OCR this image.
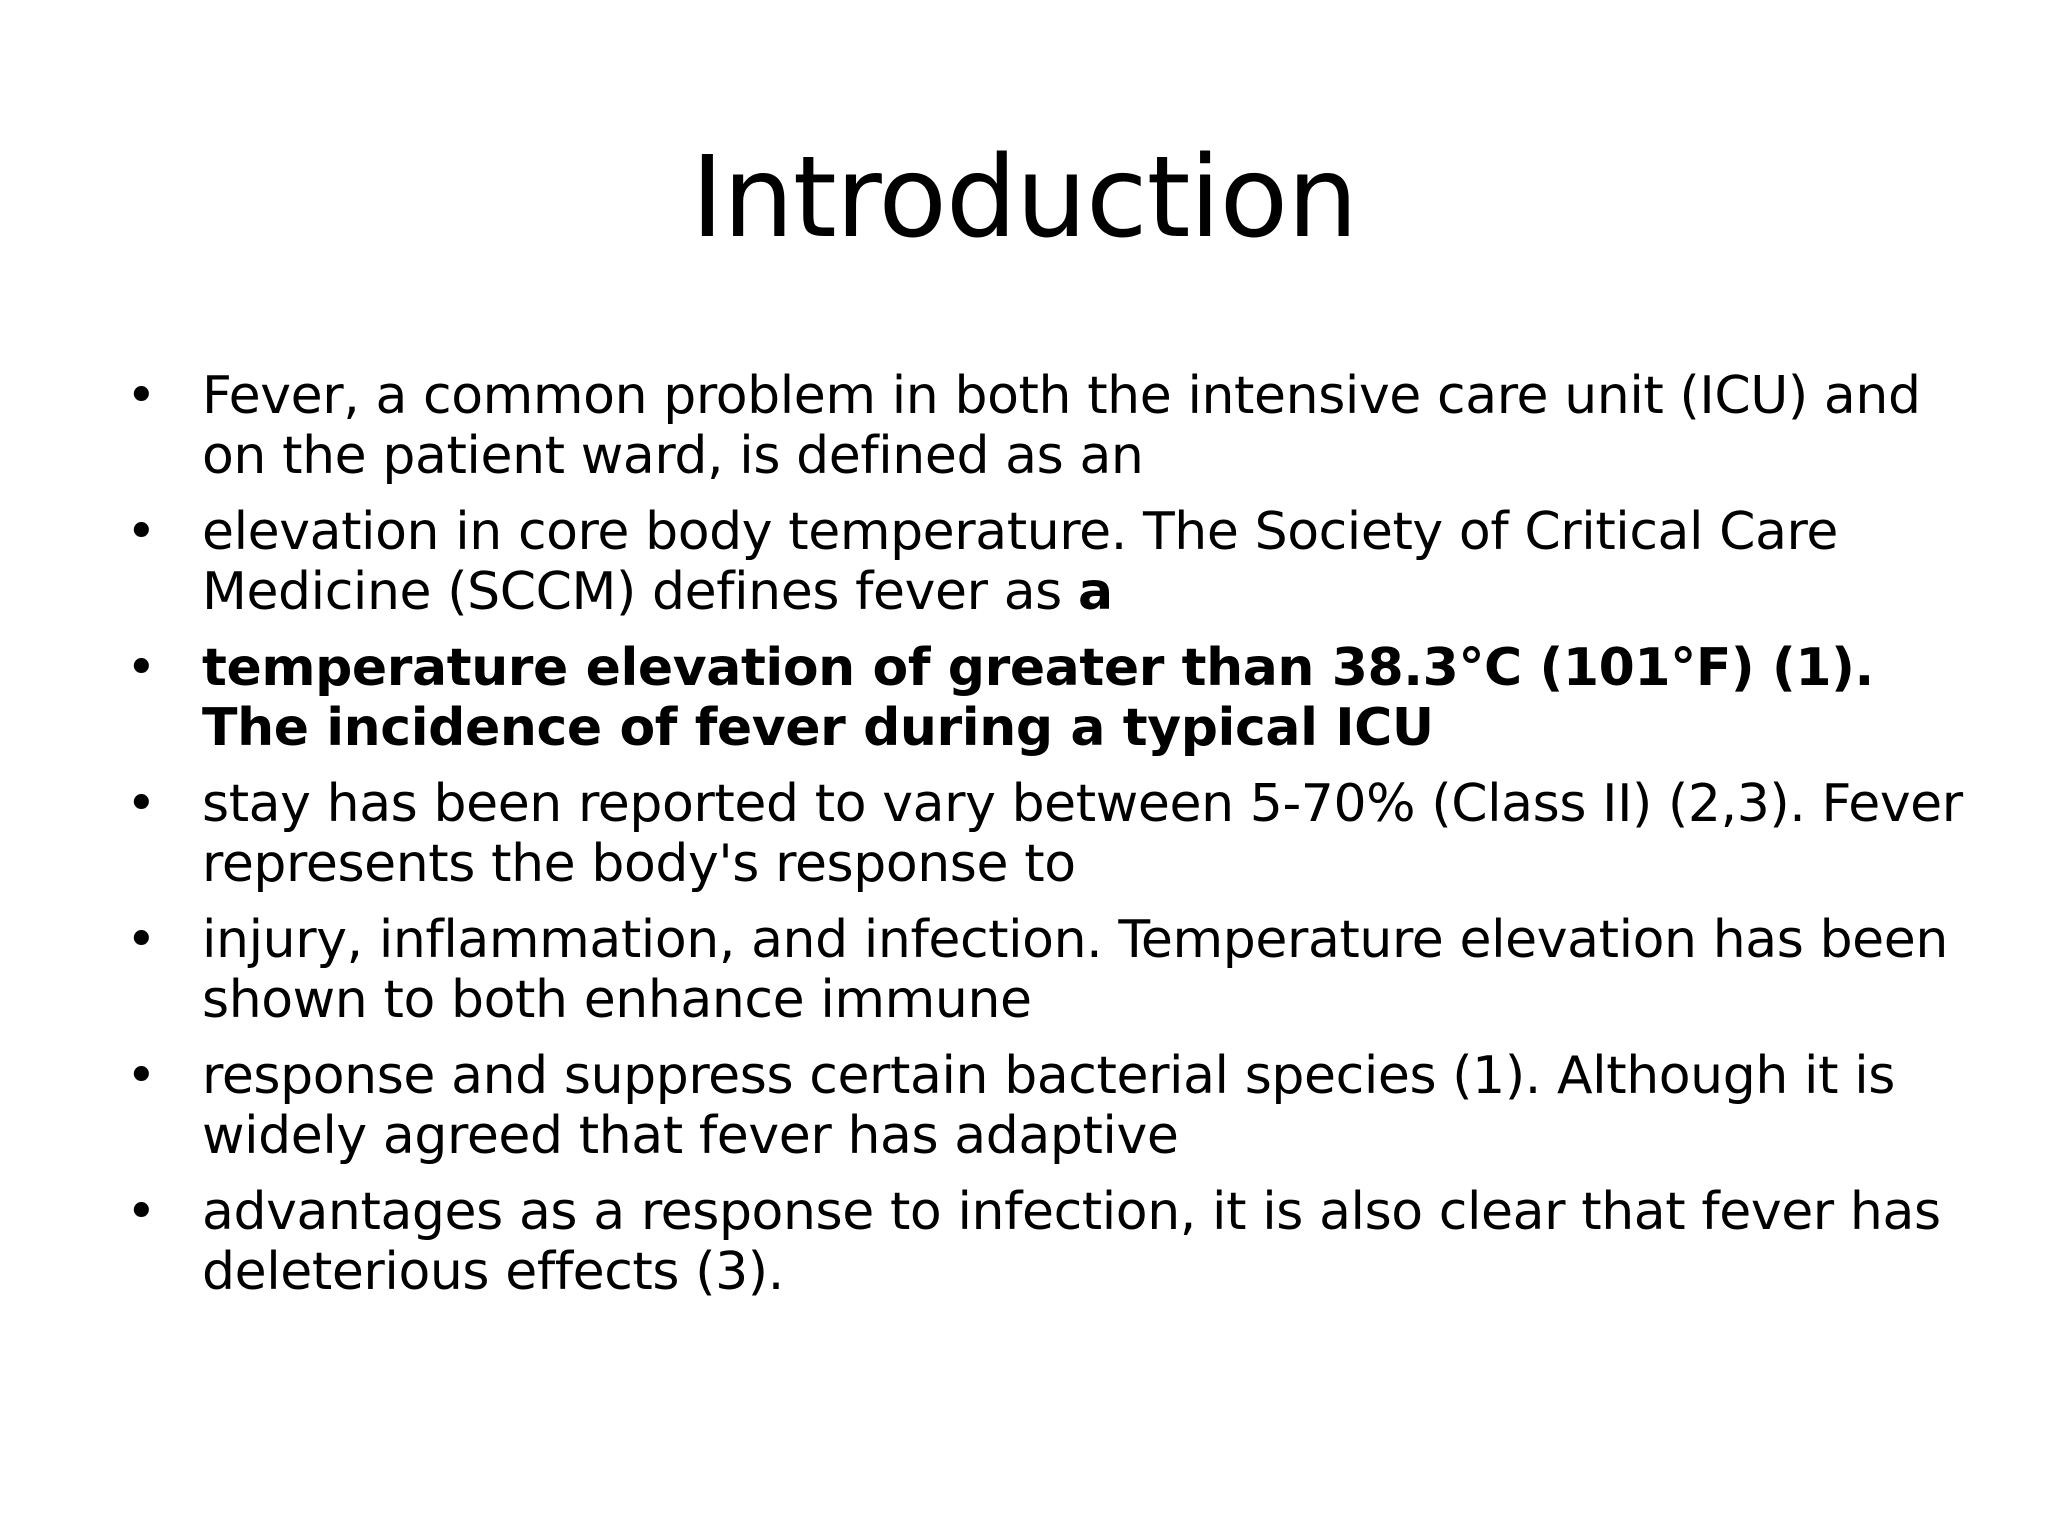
Introduction
• Fever, a common problem in both the intensive care unit (ICU) and on the patient ward, is defined as an
• elevation in core body temperature. The Society of Critical Care Medicine (SCCM) defines fever as a
• temperature elevation of greater than 38.3°C (101°F) (1). The incidence of fever during a typical ICU
• stay has been reported to vary between 5-70% (Class II) (2,3). Fever represents the body's response to
• injury, inflammation, and infection. Temperature elevation has been shown to both enhance immune
• response and suppress certain bacterial species (1). Although it is widely agreed that fever has adaptive
• advantages as a response to infection, it is also clear that fever has deleterious effects (3).
